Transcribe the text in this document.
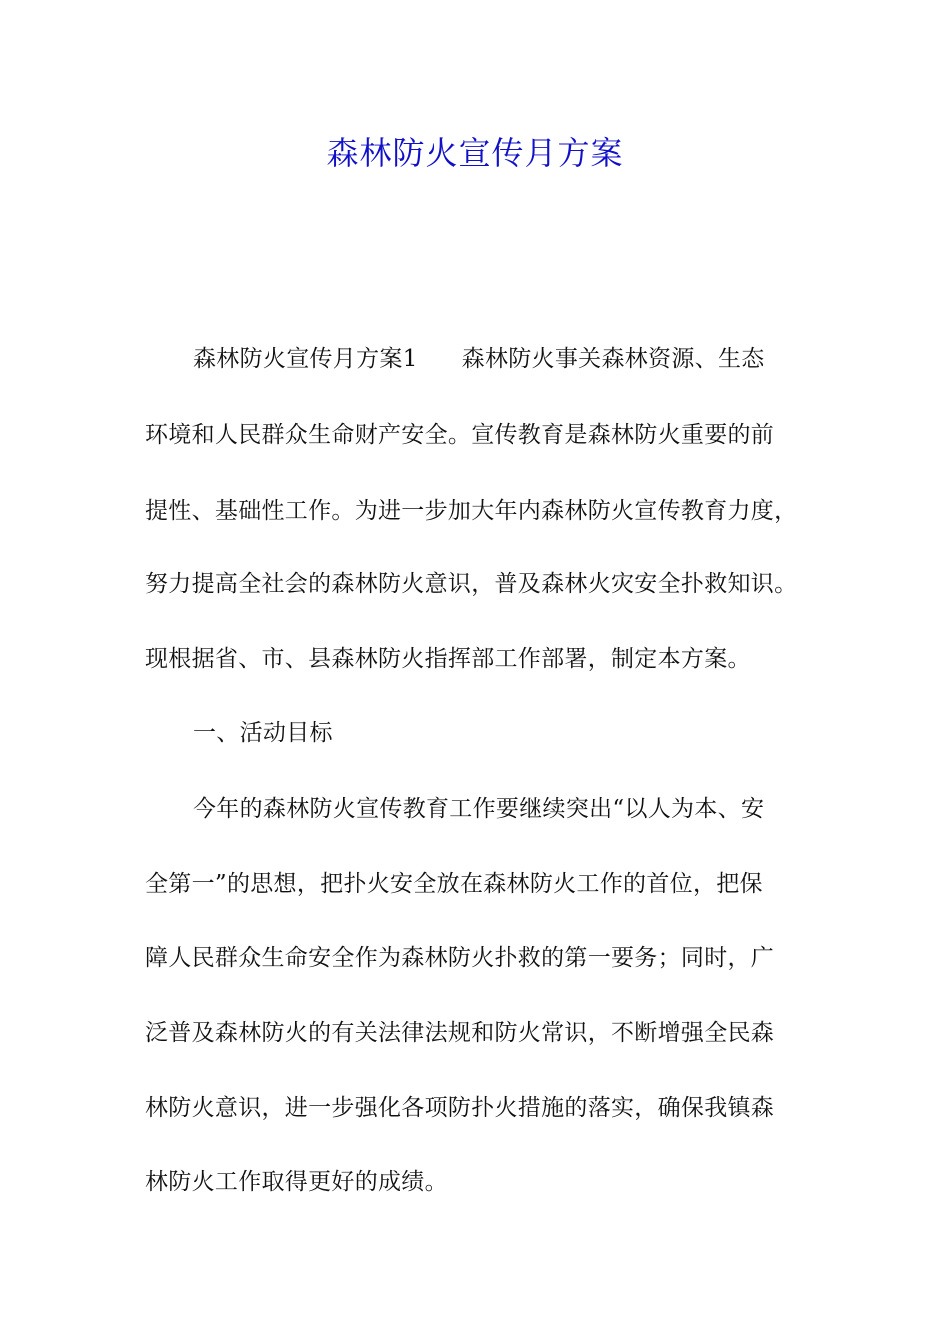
森林防火宣传月方案
森林防火宣传月方案1 森林防火事关森林资源、生态
环境和人民群众生命财产安全。宣传教育是森林防火重要的前
提性、基础性工作。为进一步加大年内森林防火宣传教育力度，
努力提高全社会的森林防火意识，普及森林火灾安全扑救知识。
现根据省、市、县森林防火指挥部工作部署，制定本方案。
一、活动目标
今年的森林防火宣传教育工作要继续突出“以人为本、安
全第一”的思想，把扑火安全放在森林防火工作的首位，把保
障人民群众生命安全作为森林防火扑救的第一要务；同时，广
泛普及森林防火的有关法律法规和防火常识，不断增强全民森
林防火意识，进一步强化各项防扑火措施的落实，确保我镇森
林防火工作取得更好的成绩。
